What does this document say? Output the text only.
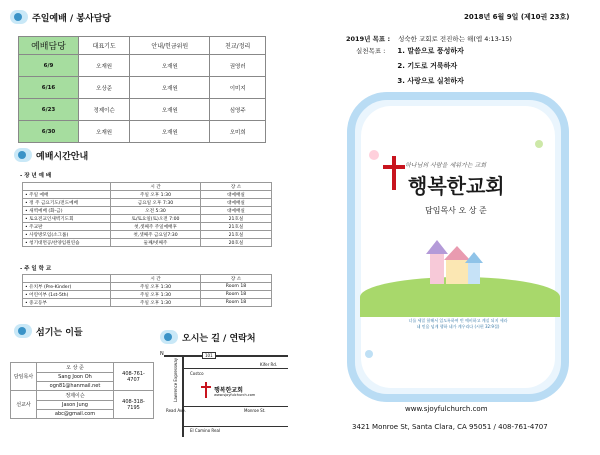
주일예배 / 봉사담당
예배담당	대표기도	안내/헌금위원	친교/정리
6/9	오재원	오재원	권영러
6/16	오상준	오재원	이미지
6/23	정제이슨	오재원	심영주
6/30	오재원	오재원	오미희
예배시간안내
- 장 년 예 배
	시 간	장 소
• 주일 예배	주일 오후 1:30	대예배실
• 정 주 금요기도/전도예배	금요일 오후 7:30	대예배실
• 새벽예배 (화-금)	오전 5:30	대예배실
• 토요전교인새벽기도회	토/토요일(토)오전 7:00	21호실
• 주교판	첫,셋째주 주일예배후	21호실
• 사랑방모임(소그룹)	첫,셋째주 금요일7:30	21호실
• 청기대면공/찬양임원연습	둘째/넷째주	20호실
- 주 일 학 교
	시 간	장 소
• 유치부 (Pre-Kinder)	주일 오후 1:30	Room 18
• 어린이부 (1st-5th)	주일 오후 1:30	Room 18
• 중고등부	주일 오후 1:30	Room 18
섬기는 이들
담임목사	오 상 준	408-761-4707
	Sang Joon Oh	
	ogn81@hanmail.net	
선교사	정제이슨	408-318-7195
	Jason Jung	
	abc@gmail.com	
오시는 길 / 연락처
N	101
Kifer Rd.
Costco
Lawrence Expressway
Read Ave.	Monroe St.
El Camino Real
행복한교회
www.sjoyfulchurch.com
2018년 6월 9일 (제10권 23호)
2019년 목표 : 성숙한 교회로 전진하는 해(엡 4:13-15)
실천목표 : 1. 말씀으로 풍성하자
2. 기도로 거룩하자
3. 사랑으로 실천하자
하나님의 사람을 세워가는 교회
행복한교회
담임목사 오 상 준
너를 세밀 합해서 있도록하여 빈 예비하고 계실 되지 세라
네 믿음 넘게 행하 네가 계우리다 (시편 32:9절)
www.sjoyfulchurch.com
3421 Monroe St, Santa Clara, CA 95051 / 408-761-4707
